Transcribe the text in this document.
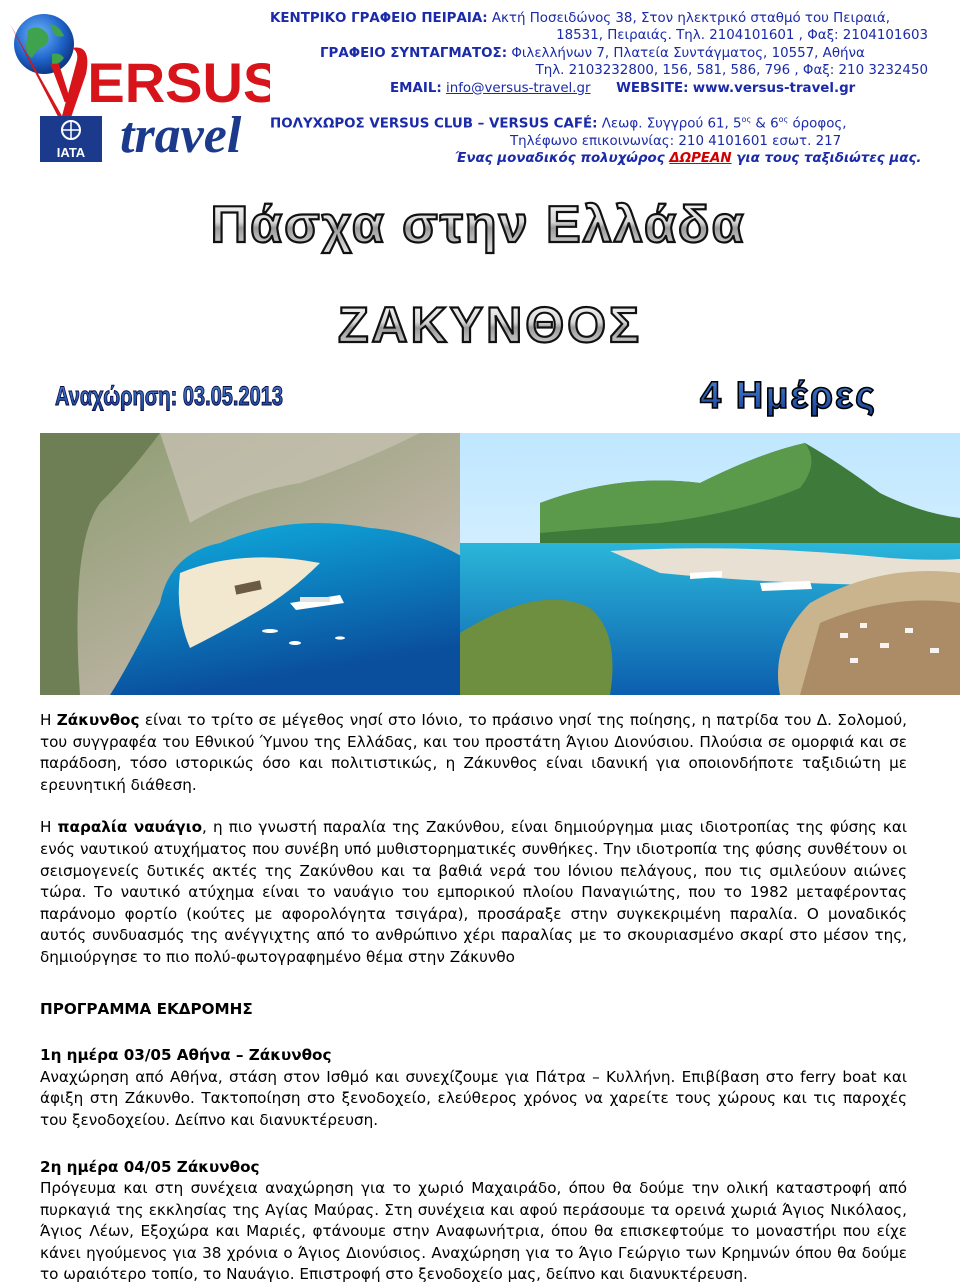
VERSUS
travel
IATA
ΚΕΝΤΡΙΚΟ ΓΡΑΦΕΙΟ ΠΕΙΡΑΙΑ: Ακτή Ποσειδώνος 38, Στον ηλεκτρικό σταθμό του Πειραιά,
18531, Πειραιάς. Τηλ. 2104101601 , Φαξ: 2104101603
ΓΡΑΦΕΙΟ ΣΥΝΤΑΓΜΑΤΟΣ: Φιλελλήνων 7, Πλατεία Συντάγματος, 10557, Αθήνα
Τηλ. 2103232800, 156, 581, 586, 796 , Φαξ: 210 3232450
EMAIL: info@versus-travel.gr WEBSITE: www.versus-travel.gr
ΠΟΛΥΧΩΡΟΣ VERSUS CLUB – VERSUS CAFÉ: Λεωφ. Συγγρού 61, $5^{o\varsigma}$ & $6^{o\varsigma}$ όροφος,
Τηλέφωνο επικοινωνίας: 210 4101601 εσωτ. 217
Ένας μοναδικός πολυχώρος ΔΩΡΕΑΝ για τους ταξιδιώτες μας.
Πάσχα στην Ελλάδα
ΖΑΚΥΝΘΟΣ
Αναχώρηση: 03.05.2013	4 Ημέρες

Η Ζάκυνθος είναι το τρίτο σε μέγεθος νησί στο Ιόνιο, το πράσινο νησί της ποίησης, η πατρίδα του Δ. Σολομού, του συγγραφέα του Εθνικού Ύμνου της Ελλάδας, και του προστάτη Άγιου Διονύσιου. Πλούσια σε ομορφιά και σε παράδοση, τόσο ιστορικώς όσο και πολιτιστικώς, η Ζάκυνθος είναι ιδανική για οποιονδήποτε ταξιδιώτη με ερευνητική διάθεση.

Η παραλία ναυάγιο, η πιο γνωστή παραλία της Ζακύνθου, είναι δημιούργημα μιας ιδιοτροπίας της φύσης και ενός ναυτικού ατυχήματος που συνέβη υπό μυθιστορηματικές συνθήκες. Την ιδιοτροπία της φύσης συνθέτουν οι σεισμογενείς δυτικές ακτές της Ζακύνθου και τα βαθιά νερά του Ιόνιου πελάγους, που τις σμιλεύουν αιώνες τώρα. Το ναυτικό ατύχημα είναι το ναυάγιο του εμπορικού πλοίου Παναγιώτης, που το 1982 μεταφέροντας παράνομο φορτίο (κούτες με αφορολόγητα τσιγάρα), προσάραξε στην συγκεκριμένη παραλία. Ο μοναδικός αυτός συνδυασμός της ανέγγιχτης από το ανθρώπινο χέρι παραλίας με το σκουριασμένο σκαρί στο μέσον της, δημιούργησε το πιο πολύ-φωτογραφημένο θέμα στην Ζάκυνθο

ΠΡΟΓΡΑΜΜΑ ΕΚΔΡΟΜΗΣ

1η ημέρα 03/05 Αθήνα – Ζάκυνθος

Αναχώρηση από Αθήνα, στάση στον Ισθμό και συνεχίζουμε για Πάτρα – Κυλλήνη. Επιβίβαση στο ferry boat και άφιξη στη Ζάκυνθο. Τακτοποίηση στο ξενοδοχείο, ελεύθερος χρόνος να χαρείτε τους χώρους και τις παροχές του ξενοδοχείου. Δείπνο και διανυκτέρευση.

2η ημέρα 04/05 Ζάκυνθος

Πρόγευμα και στη συνέχεια αναχώρηση για το χωριό Μαχαιράδο, όπου θα δούμε την ολική καταστροφή από πυρκαγιά της εκκλησίας της Αγίας Μαύρας. Στη συνέχεια και αφού περάσουμε τα ορεινά χωριά Άγιος Νικόλαος, Άγιος Λέων, Εξοχώρα και Μαριές, φτάνουμε στην Αναφωνήτρια, όπου θα επισκεφτούμε το μοναστήρι που είχε κάνει ηγούμενος για 38 χρόνια ο Άγιος Διονύσιος. Αναχώρηση για το Άγιο Γεώργιο των Κρημνών όπου θα δούμε το ωραιότερο τοπίο, το Ναυάγιο. Επιστροφή στο ξενοδοχείο μας, δείπνο και διανυκτέρευση.
